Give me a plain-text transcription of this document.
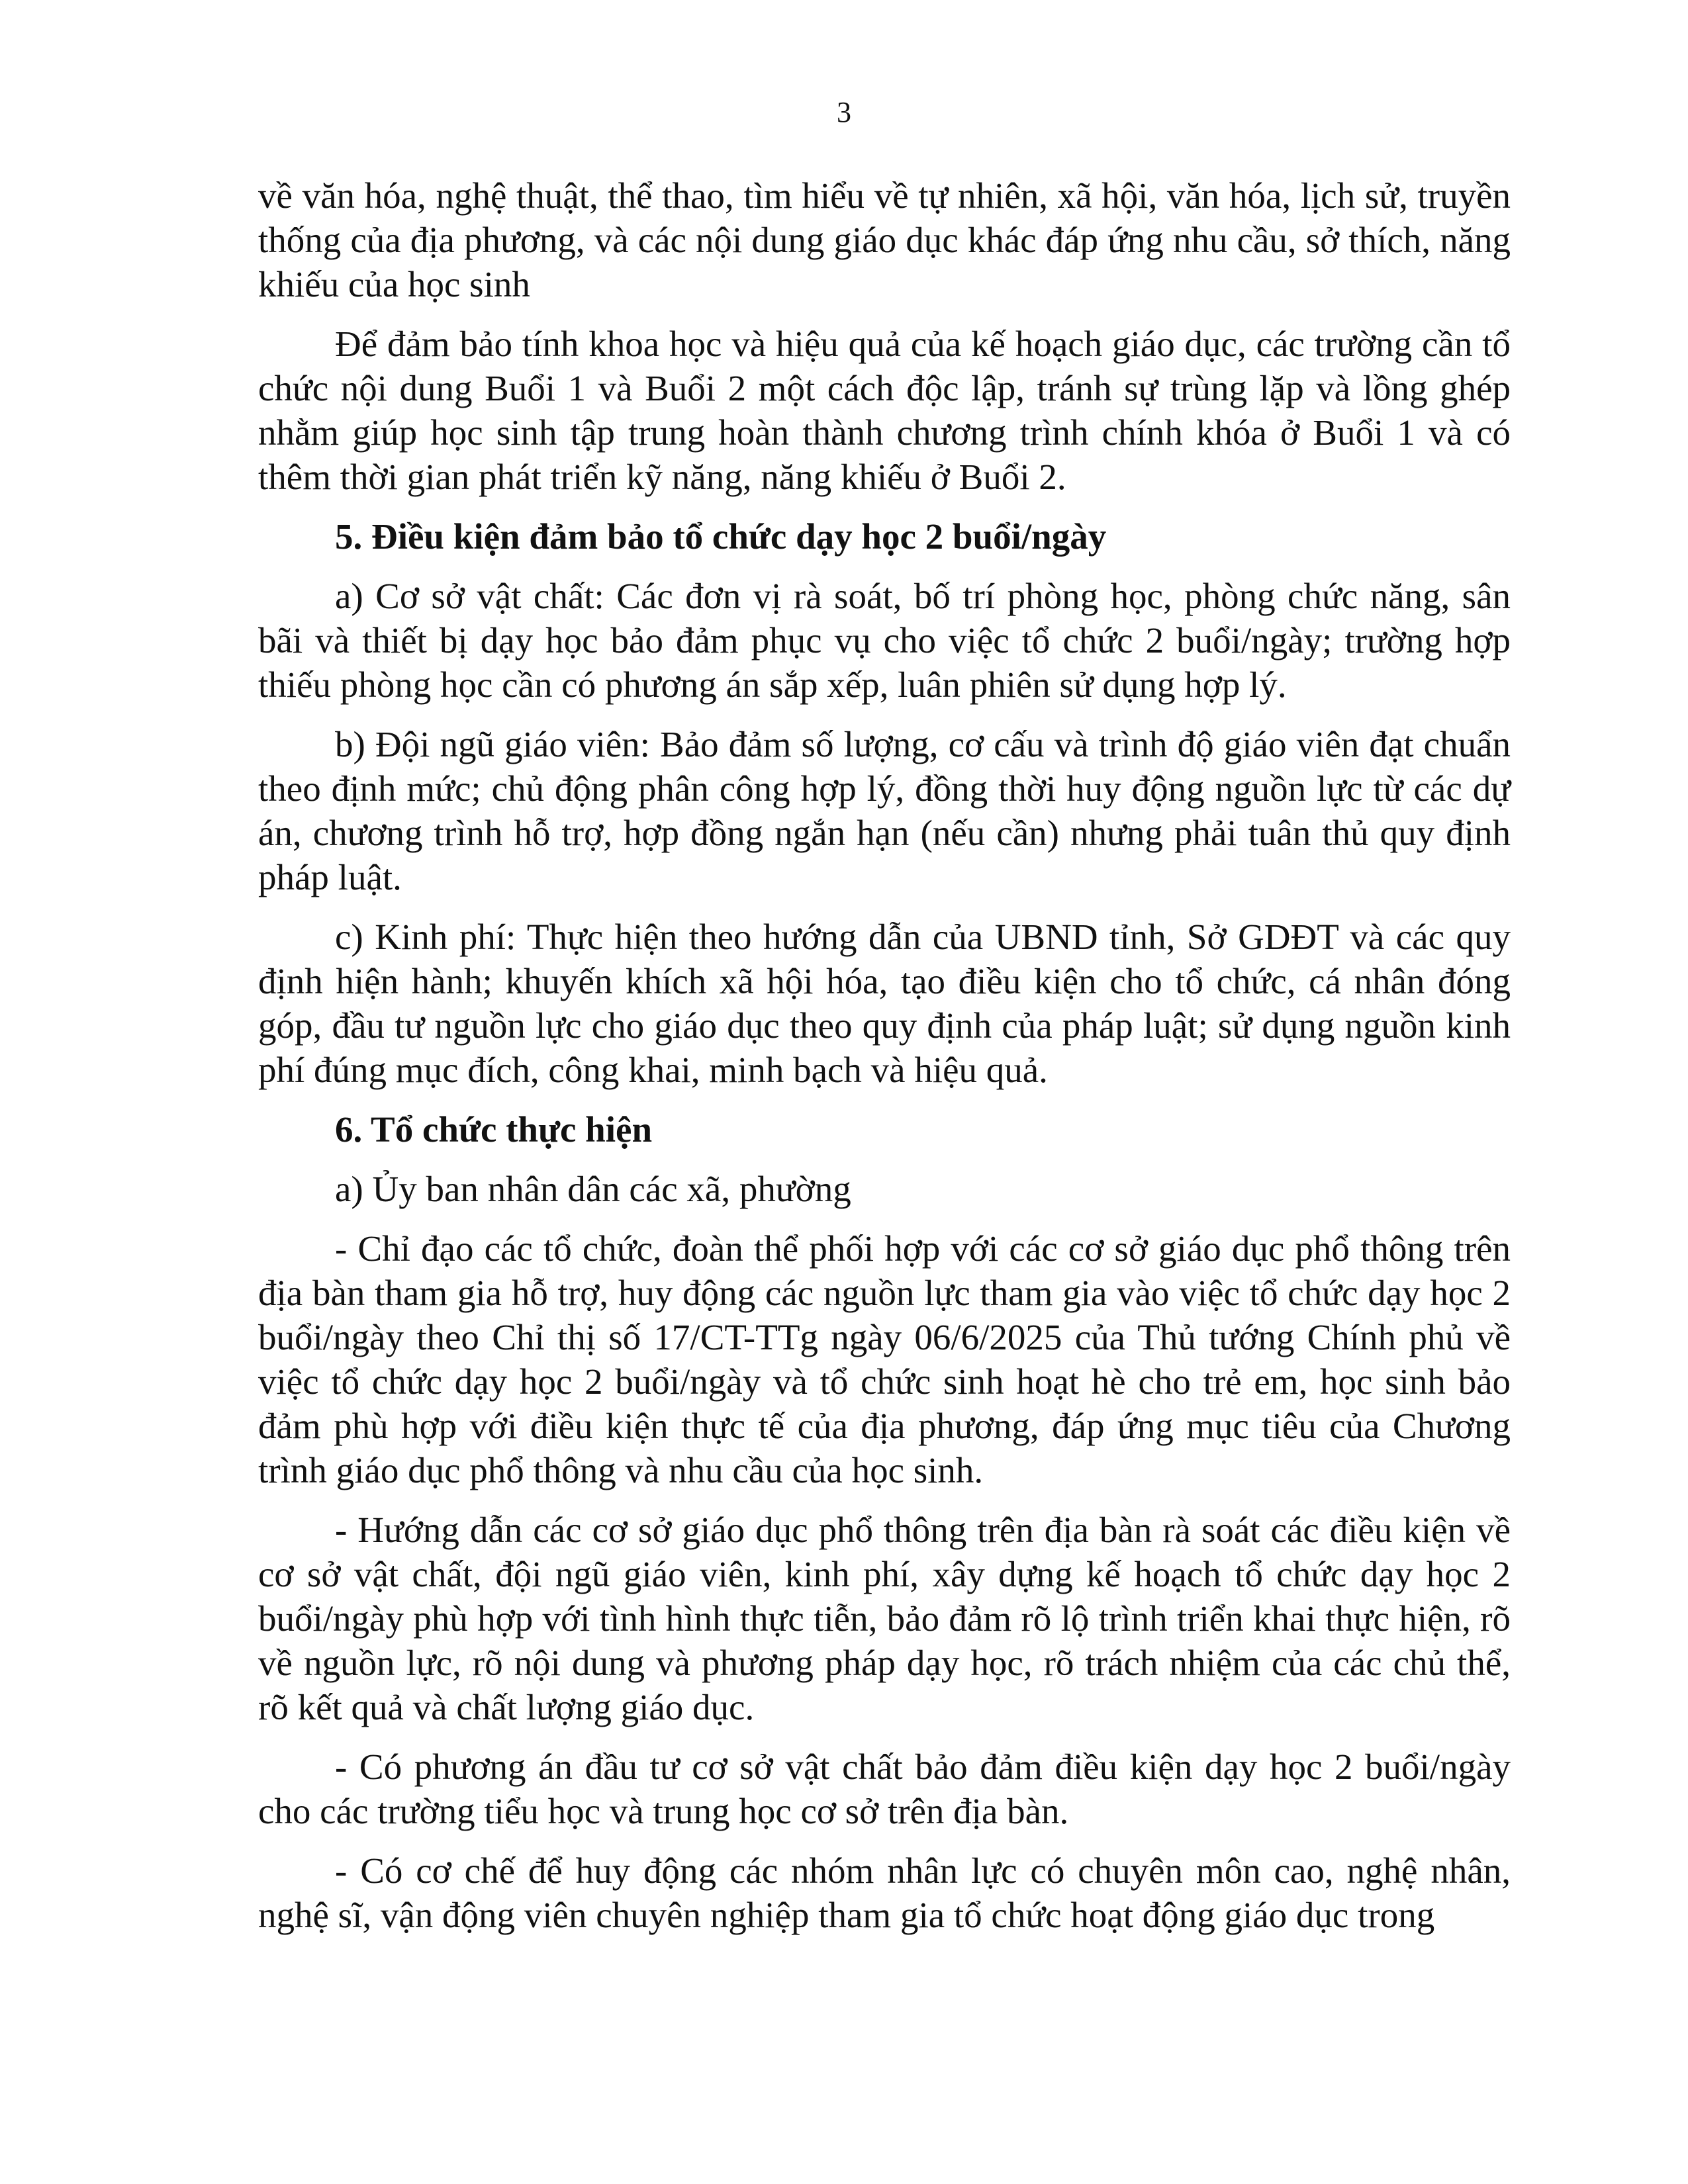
3

về văn hóa, nghệ thuật, thể thao, tìm hiểu về tự nhiên, xã hội, văn hóa, lịch sử, truyền thống của địa phương, và các nội dung giáo dục khác đáp ứng nhu cầu, sở thích, năng khiếu của học sinh

Để đảm bảo tính khoa học và hiệu quả của kế hoạch giáo dục, các trường cần tổ chức nội dung Buổi 1 và Buổi 2 một cách độc lập, tránh sự trùng lặp và lồng ghép nhằm giúp học sinh tập trung hoàn thành chương trình chính khóa ở Buổi 1 và có thêm thời gian phát triển kỹ năng, năng khiếu ở Buổi 2.

5. Điều kiện đảm bảo tổ chức dạy học 2 buổi/ngày

a) Cơ sở vật chất: Các đơn vị rà soát, bố trí phòng học, phòng chức năng, sân bãi và thiết bị dạy học bảo đảm phục vụ cho việc tổ chức 2 buổi/ngày; trường hợp thiếu phòng học cần có phương án sắp xếp, luân phiên sử dụng hợp lý.

b) Đội ngũ giáo viên: Bảo đảm số lượng, cơ cấu và trình độ giáo viên đạt chuẩn theo định mức; chủ động phân công hợp lý, đồng thời huy động nguồn lực từ các dự án, chương trình hỗ trợ, hợp đồng ngắn hạn (nếu cần) nhưng phải tuân thủ quy định pháp luật.

c) Kinh phí: Thực hiện theo hướng dẫn của UBND tỉnh, Sở GDĐT và các quy định hiện hành; khuyến khích xã hội hóa, tạo điều kiện cho tổ chức, cá nhân đóng góp, đầu tư nguồn lực cho giáo dục theo quy định của pháp luật; sử dụng nguồn kinh phí đúng mục đích, công khai, minh bạch và hiệu quả.

6. Tổ chức thực hiện

a) Ủy ban nhân dân các xã, phường

- Chỉ đạo các tổ chức, đoàn thể phối hợp với các cơ sở giáo dục phổ thông trên địa bàn tham gia hỗ trợ, huy động các nguồn lực tham gia vào việc tổ chức dạy học 2 buổi/ngày theo Chỉ thị số 17/CT-TTg ngày 06/6/2025 của Thủ tướng Chính phủ về việc tổ chức dạy học 2 buổi/ngày và tổ chức sinh hoạt hè cho trẻ em, học sinh bảo đảm phù hợp với điều kiện thực tế của địa phương, đáp ứng mục tiêu của Chương trình giáo dục phổ thông và nhu cầu của học sinh.

- Hướng dẫn các cơ sở giáo dục phổ thông trên địa bàn rà soát các điều kiện về cơ sở vật chất, đội ngũ giáo viên, kinh phí, xây dựng kế hoạch tổ chức dạy học 2 buổi/ngày phù hợp với tình hình thực tiễn, bảo đảm rõ lộ trình triển khai thực hiện, rõ về nguồn lực, rõ nội dung và phương pháp dạy học, rõ trách nhiệm của các chủ thể, rõ kết quả và chất lượng giáo dục.

- Có phương án đầu tư cơ sở vật chất bảo đảm điều kiện dạy học 2 buổi/ngày cho các trường tiểu học và trung học cơ sở trên địa bàn.

- Có cơ chế để huy động các nhóm nhân lực có chuyên môn cao, nghệ nhân, nghệ sĩ, vận động viên chuyên nghiệp tham gia tổ chức hoạt động giáo dục trong
